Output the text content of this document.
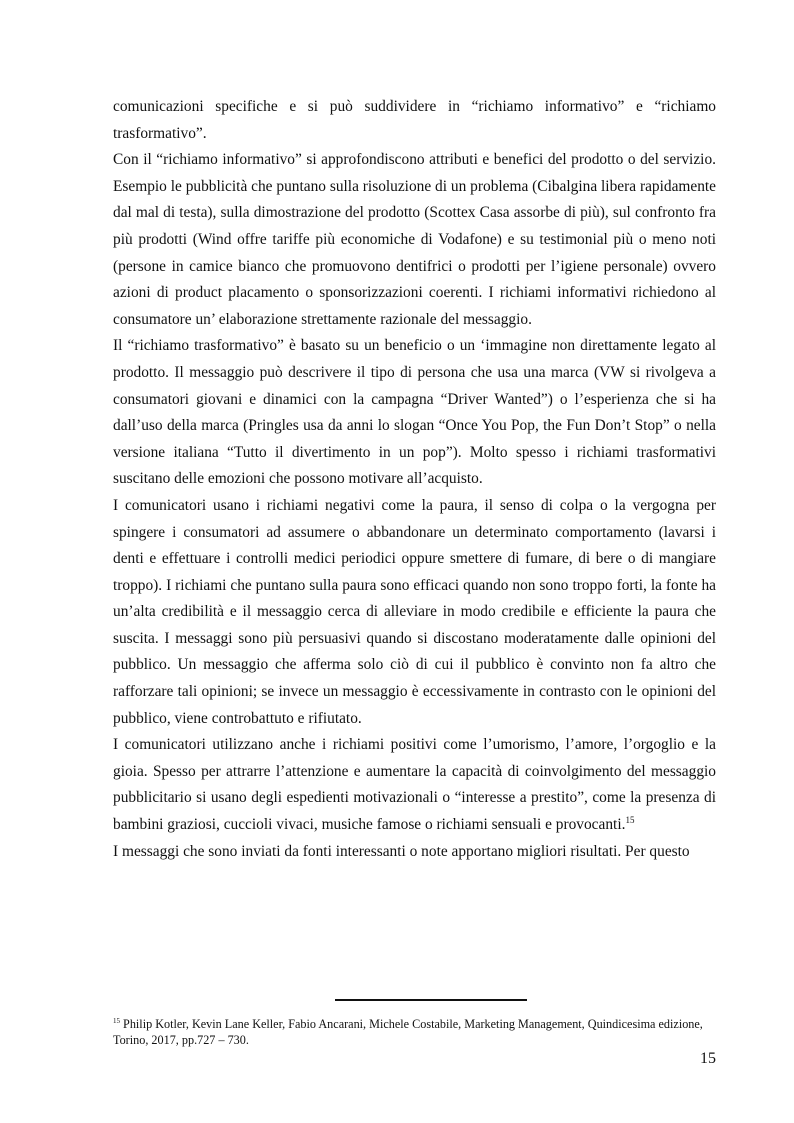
comunicazioni specifiche e si può suddividere in “richiamo informativo” e “richiamo trasformativo”.

Con il “richiamo informativo” si approfondiscono attributi e benefici del prodotto o del servizio. Esempio le pubblicità che puntano sulla risoluzione di un problema (Cibalgina libera rapidamente dal mal di testa), sulla dimostrazione del prodotto (Scottex Casa assorbe di più), sul confronto fra più prodotti (Wind offre tariffe più economiche di Vodafone) e su testimonial più o meno noti (persone in camice bianco che promuovono dentifrici o prodotti per l’igiene personale) ovvero azioni di product placamento o sponsorizzazioni coerenti. I richiami informativi richiedono al consumatore un’ elaborazione strettamente razionale del messaggio.

Il “richiamo trasformativo” è basato su un beneficio o un ‘immagine non direttamente legato al prodotto. Il messaggio può descrivere il tipo di persona che usa una marca (VW si rivolgeva a consumatori giovani e dinamici con la campagna “Driver Wanted”) o l’esperienza che si ha dall’uso della marca (Pringles usa da anni lo slogan “Once You Pop, the Fun Don’t Stop” o nella versione italiana “Tutto il divertimento in un pop”). Molto spesso i richiami trasformativi suscitano delle emozioni che possono motivare all’acquisto.

I comunicatori usano i richiami negativi come la paura, il senso di colpa o la vergogna per spingere i consumatori ad assumere o abbandonare un determinato comportamento (lavarsi i denti e effettuare i controlli medici periodici oppure smettere di fumare, di bere o di mangiare troppo). I richiami che puntano sulla paura sono efficaci quando non sono troppo forti, la fonte ha un’alta credibilità e il messaggio cerca di alleviare in modo credibile e efficiente la paura che suscita. I messaggi sono più persuasivi quando si discostano moderatamente dalle opinioni del pubblico. Un messaggio che afferma solo ciò di cui il pubblico è convinto non fa altro che rafforzare tali opinioni; se invece un messaggio è eccessivamente in contrasto con le opinioni del pubblico, viene controbattuto e rifiutato.

I comunicatori utilizzano anche i richiami positivi come l’umorismo, l’amore, l’orgoglio e la gioia. Spesso per attrarre l’attenzione e aumentare la capacità di coinvolgimento del messaggio pubblicitario si usano degli espedienti motivazionali o “interesse a prestito”, come la presenza di bambini graziosi, cuccioli vivaci, musiche famose o richiami sensuali e provocanti.$^{15}$

I messaggi che sono inviati da fonti interessanti o note apportano migliori risultati. Per questo

$^{15}$ Philip Kotler, Kevin Lane Keller, Fabio Ancarani, Michele Costabile, Marketing Management, Quindicesima edizione, Torino, 2017, pp.727 – 730.

15
